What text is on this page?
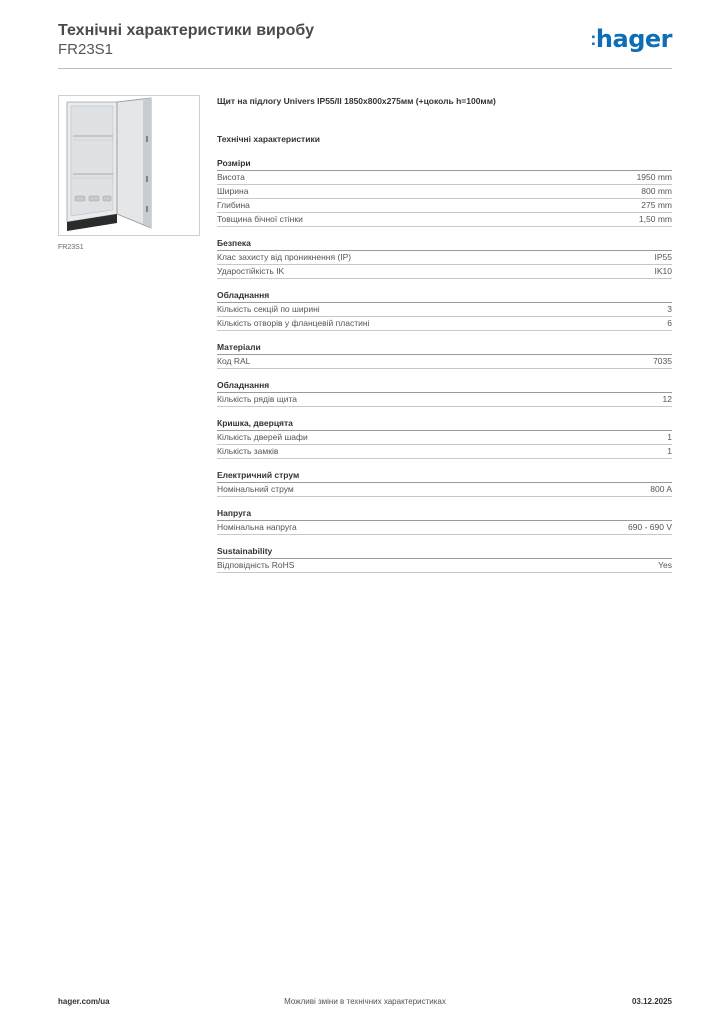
Технічні характеристики виробу
FR23S1
:hager
FR23S1
Щит на підлогу Univers IP55/II 1850x800x275мм (+цоколь h=100мм)
Технічні характеристики
Розміри
Висота	1950 mm
Ширина	800 mm
Глибина	275 mm
Товщина бічної стінки	1,50 mm
Безпека
Клас захисту від проникнення (IP)	IP55
Ударостійкість IK	IK10
Обладнання
Кількість секцій по ширині	3
Кількість отворів у фланцевій пластині	6
Матеріали
Код RAL	7035
Обладнання
Кількість рядів щита	12
Кришка, дверцята
Кількість дверей шафи	1
Кількість замків	1
Електричний струм
Номінальний струм	800 A
Напруга
Номінальна напруга	690 - 690 V
Sustainability
Відповідність RoHS	Yes
hager.com/ua	Можливі зміни в технічних характеристиках	03.12.2025
